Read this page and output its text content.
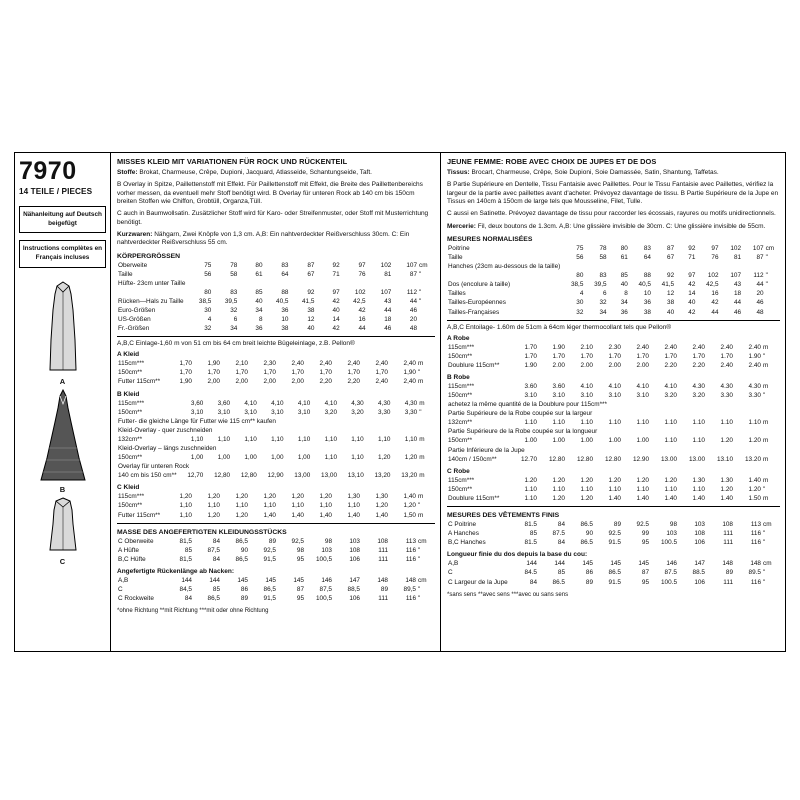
7970
14 TEILE / PIECES
Nähanleitung auf Deutsch beigefügt
Instructions complètes en Français incluses
A
B
C
MISSES KLEID MIT VARIATIONEN FÜR ROCK UND RÜCKENTEIL
Stoffe: Brokat, Charmeuse, Crêpe, Dupioni, Jacquard, Atlasseide, Schantungseide, Taft.
B Overlay in Spitze, Paillettenstoff mit Effekt. Für Paillettenstoff mit Effekt, die Breite des Paillettenbereichs vorher messen, da eventuell mehr Stoff benötigt wird. B Overlay für unteren Rock ab 140 cm bis 150cm breiten Stoffen wie Chiffon, Grobtüll, Organza,Tüll.
C auch in Baumwollsatin. Zusätzlicher Stoff wird für Karo- oder Streifenmuster, oder Stoff mit Musterrichtung benötigt.
Kurzwaren: Nähgarn, Zwei Knöpfe von 1,3 cm. A,B: Ein nahtverdeckter Reißverschluss 30cm. C: Ein nahtverdeckter Reißverschluss 55 cm.
KÖRPERGRÖSSEN
Oberweite	75	78	80	83	87	92	97	102	107	cm
Taille	56	58	61	64	67	71	76	81	87	"
Hüfte- 23cm unter Taille										
	80	83	85	88	92	97	102	107	112	"
Rücken—Hals zu Taille	38,5	39,5	40	40,5	41,5	42	42,5	43	44	"
Euro-Größen	30	32	34	36	38	40	42	44	46	
US-Größen	4	6	8	10	12	14	16	18	20	
Fr.-Größen	32	34	36	38	40	42	44	46	48	
A,B,C Einlage-1,60 m von 51 cm bis 64 cm breit leichte Bügeleinlage, z.B. Pellon®
A Kleid
115cm***	1,70	1,90	2,10	2,30	2,40	2,40	2,40	2,40	2,40	m
150cm**	1,70	1,70	1,70	1,70	1,70	1,70	1,70	1,70	1,90	"
Futter 115cm**	1,90	2,00	2,00	2,00	2,00	2,20	2,20	2,40	2,40	m
B Kleid
115cm***	3,60	3,60	4,10	4,10	4,10	4,10	4,30	4,30	4,30	m
150cm**	3,10	3,10	3,10	3,10	3,10	3,20	3,20	3,30	3,30	"
Futter- die gleiche Länge für Futter wie 115 cm** kaufen										
Kleid-Overlay - quer zuschneiden										
132cm**	1,10	1,10	1,10	1,10	1,10	1,10	1,10	1,10	1,10	m
Kleid-Overlay – längs zuschneiden										
150cm**	1,00	1,00	1,00	1,00	1,00	1,10	1,10	1,20	1,20	m
Overlay für unteren Rock										
140 cm bis 150 cm**	12,70	12,80	12,80	12,90	13,00	13,00	13,10	13,20	13,20	m
C Kleid
115cm***	1,20	1,20	1,20	1,20	1,20	1,20	1,30	1,30	1,40	m
150cm**	1,10	1,10	1,10	1,10	1,10	1,10	1,10	1,20	1,20	"
Futter 115cm**	1,10	1,20	1,20	1,40	1,40	1,40	1,40	1,40	1,50	m
MASSE DES ANGEFERTIGTEN KLEIDUNGSSTÜCKS
C Oberweite	81,5	84	86,5	89	92,5	98	103	108	113	cm
A Hüfte	85	87,5	90	92,5	98	103	108	111	116	"
B,C Hüfte	81,5	84	86,5	91,5	95	100,5	106	111	116	"
Angefertigte Rückenlänge ab Nacken:
A,B	144	144	145	145	145	146	147	148	148	cm
C	84,5	85	86	86,5	87	87,5	88,5	89	89,5	"
C Rockweite	84	86,5	89	91,5	95	100,5	106	111	116	"
*ohne Richtung **mit Richtung ***mit oder ohne Richtung
JEUNE FEMME: ROBE AVEC CHOIX DE JUPES ET DE DOS
Tissus: Brocart, Charmeuse, Crêpe, Soie Dupioni, Soie Damassée, Satin, Shantung, Taffetas.
B Partie Supérieure en Dentelle, Tissu Fantaisie avec Paillettes. Pour le Tissu Fantaisie avec Paillettes, vérifiez la largeur de la partie avec paillettes avant d'acheter. Prévoyez davantage de tissu. B Partie Supérieure de la Jupe en Tissus en 140cm à 150cm de large tels que Mousseline, Filet, Tulle.
C aussi en Satinette. Prévoyez davantage de tissu pour raccorder les écossais, rayures ou motifs unidirectionnels.
Mercerie: Fil, deux boutons de 1.3cm. A,B: Une glissière invisible de 30cm. C: Une glissière invisible de 55cm.
MESURES NORMALISÉES
Poitrine	75	78	80	83	87	92	97	102	107	cm
Taille	56	58	61	64	67	71	76	81	87	"
Hanches (23cm au-dessous de la taille)										
	80	83	85	88	92	97	102	107	112	"
Dos (encolure à taille)	38,5	39,5	40	40,5	41,5	42	42,5	43	44	"
Tailles	4	6	8	10	12	14	16	18	20	
Tailles-Européennes	30	32	34	36	38	40	42	44	46	
Tailles-Françaises	32	34	36	38	40	42	44	46	48	
A,B,C Entoilage- 1.60m de 51cm à 64cm léger thermocollant tels que Pellon®
A Robe
115cm***	1.70	1.90	2.10	2.30	2.40	2.40	2.40	2.40	2.40	m
150cm**	1.70	1.70	1.70	1.70	1.70	1.70	1.70	1.70	1.90	"
Doublure 115cm**	1.90	2.00	2.00	2.00	2.00	2.20	2.20	2.40	2.40	m
B Robe
115cm***	3.60	3.60	4.10	4.10	4.10	4.10	4.30	4.30	4.30	m
150cm**	3.10	3.10	3.10	3.10	3.10	3.20	3.20	3.30	3.30	"
achetez la même quantité de la Doublure pour 115cm***										
Partie Supérieure de la Robe coupée sur la largeur										
132cm**	1.10	1.10	1.10	1.10	1.10	1.10	1.10	1.10	1.10	m
Partie Supérieure de la Robe coupée sur la longueur										
150cm**	1.00	1.00	1.00	1.00	1.00	1.10	1.10	1.20	1.20	m
Partie Inférieure de la Jupe										
140cm / 150cm**	12.70	12.80	12.80	12.80	12.90	13.00	13.00	13.10	13.20	m
C Robe
115cm***	1.20	1.20	1.20	1.20	1.20	1.20	1.30	1.30	1.40	m
150cm**	1.10	1.10	1.10	1.10	1.10	1.10	1.10	1.20	1.20	"
Doublure 115cm**	1.10	1.20	1.20	1.40	1.40	1.40	1.40	1.40	1.50	m
MESURES DES VÊTEMENTS FINIS
C Poitrine	81.5	84	86.5	89	92.5	98	103	108	113	cm
A Hanches	85	87.5	90	92.5	99	103	108	111	116	"
B,C Hanches	81.5	84	86.5	91.5	95	100.5	106	111	116	"
Longueur finie du dos depuis la base du cou:
A,B	144	144	145	145	145	146	147	148	148	cm
C	84.5	85	86	86.5	87	87.5	88.5	89	89.5	"
C Largeur de la Jupe	84	86.5	89	91.5	95	100.5	106	111	116	"
*sans sens **avec sens ***avec ou sans sens
